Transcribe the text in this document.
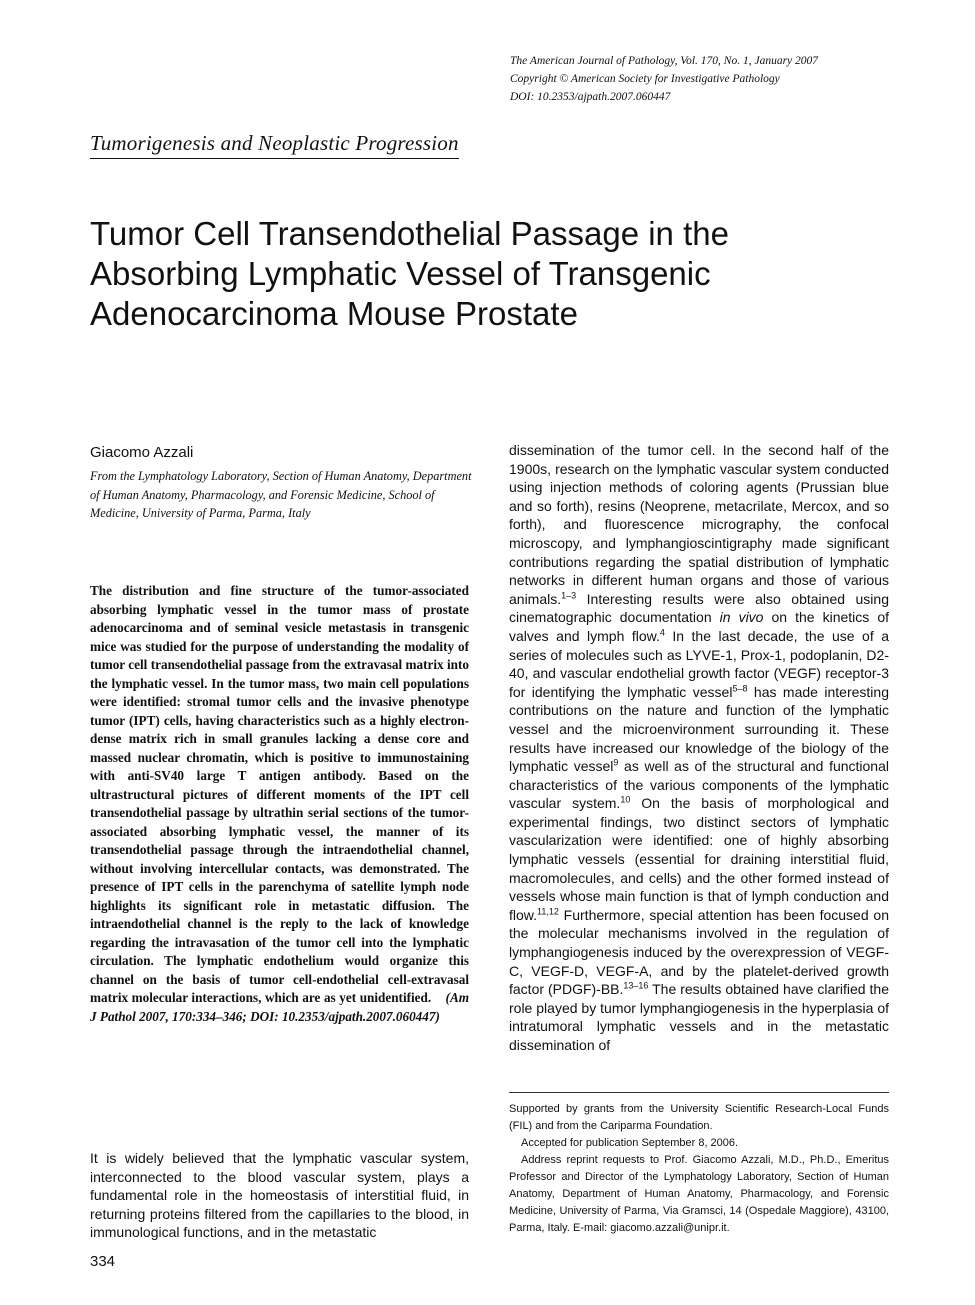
The American Journal of Pathology, Vol. 170, No. 1, January 2007
Copyright © American Society for Investigative Pathology
DOI: 10.2353/ajpath.2007.060447
Tumorigenesis and Neoplastic Progression
Tumor Cell Transendothelial Passage in the
Absorbing Lymphatic Vessel of Transgenic
Adenocarcinoma Mouse Prostate
Giacomo Azzali
From the Lymphatology Laboratory, Section of Human Anatomy, Department of Human Anatomy, Pharmacology, and Forensic Medicine, School of Medicine, University of Parma, Parma, Italy

The distribution and fine structure of the tumor-associated absorbing lymphatic vessel in the tumor mass of prostate adenocarcinoma and of seminal vesicle metastasis in transgenic mice was studied for the purpose of understanding the modality of tumor cell transendothelial passage from the extravasal matrix into the lymphatic vessel. In the tumor mass, two main cell populations were identified: stromal tumor cells and the invasive phenotype tumor (IPT) cells, having characteristics such as a highly electron-dense matrix rich in small granules lacking a dense core and massed nuclear chromatin, which is positive to immunostaining with anti-SV40 large T antigen antibody. Based on the ultrastructural pictures of different moments of the IPT cell transendothelial passage by ultrathin serial sections of the tumor-associated absorbing lymphatic vessel, the manner of its transendothelial passage through the intraendothelial channel, without involving intercellular contacts, was demonstrated. The presence of IPT cells in the parenchyma of satellite lymph node highlights its significant role in metastatic diffusion. The intraendothelial channel is the reply to the lack of knowledge regarding the intravasation of the tumor cell into the lymphatic circulation. The lymphatic endothelium would organize this channel on the basis of tumor cell-endothelial cell-extravasal matrix molecular interactions, which are as yet unidentified. (Am J Pathol 2007, 170:334–346; DOI: 10.2353/ajpath.2007.060447)

It is widely believed that the lymphatic vascular system, interconnected to the blood vascular system, plays a fundamental role in the homeostasis of interstitial fluid, in returning proteins filtered from the capillaries to the blood, in immunological functions, and in the metastatic

dissemination of the tumor cell. In the second half of the 1900s, research on the lymphatic vascular system conducted using injection methods of coloring agents (Prussian blue and so forth), resins (Neoprene, metacrilate, Mercox, and so forth), and fluorescence micrography, the confocal microscopy, and lymphangioscintigraphy made significant contributions regarding the spatial distribution of lymphatic networks in different human organs and those of various animals.$^{1-3}$ Interesting results were also obtained using cinematographic documentation in vivo on the kinetics of valves and lymph flow.$^4$ In the last decade, the use of a series of molecules such as LYVE-1, Prox-1, podoplanin, D2-40, and vascular endothelial growth factor (VEGF) receptor-3 for identifying the lymphatic vessel$^{5-8}$ has made interesting contributions on the nature and function of the lymphatic vessel and the microenvironment surrounding it. These results have increased our knowledge of the biology of the lymphatic vessel$^9$ as well as of the structural and functional characteristics of the various components of the lymphatic vascular system.$^{10}$ On the basis of morphological and experimental findings, two distinct sectors of lymphatic vascularization were identified: one of highly absorbing lymphatic vessels (essential for draining interstitial fluid, macromolecules, and cells) and the other formed instead of vessels whose main function is that of lymph conduction and flow.$^{11,12}$ Furthermore, special attention has been focused on the molecular mechanisms involved in the regulation of lymphangiogenesis induced by the overexpression of VEGF-C, VEGF-D, VEGF-A, and by the platelet-derived growth factor (PDGF)-BB.$^{13-16}$ The results obtained have clarified the role played by tumor lymphangiogenesis in the hyperplasia of intratumoral lymphatic vessels and in the metastatic dissemination of

Supported by grants from the University Scientific Research-Local Funds (FIL) and from the Cariparma Foundation.

Accepted for publication September 8, 2006.

Address reprint requests to Prof. Giacomo Azzali, M.D., Ph.D., Emeritus Professor and Director of the Lymphatology Laboratory, Section of Human Anatomy, Department of Human Anatomy, Pharmacology, and Forensic Medicine, University of Parma, Via Gramsci, 14 (Ospedale Maggiore), 43100, Parma, Italy. E-mail: giacomo.azzali@unipr.it.

334
